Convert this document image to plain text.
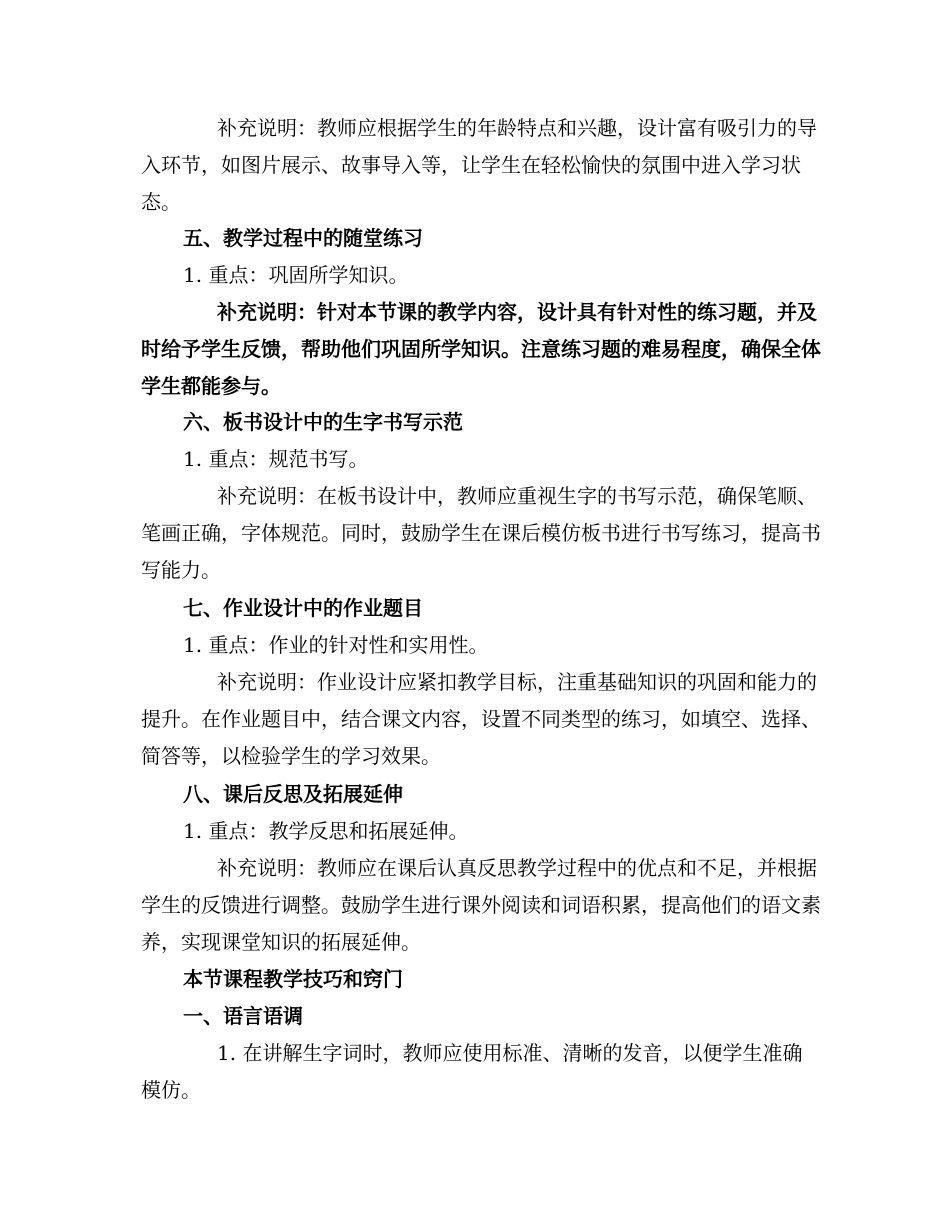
补充说明：教师应根据学生的年龄特点和兴趣，设计富有吸引力的导入环节，如图片展示、故事导入等，让学生在轻松愉快的氛围中进入学习状态。

五、教学过程中的随堂练习

1. 重点：巩固所学知识。

补充说明：针对本节课的教学内容，设计具有针对性的练习题，并及时给予学生反馈，帮助他们巩固所学知识。注意练习题的难易程度，确保全体学生都能参与。

六、板书设计中的生字书写示范

1. 重点：规范书写。

补充说明：在板书设计中，教师应重视生字的书写示范，确保笔顺、笔画正确，字体规范。同时，鼓励学生在课后模仿板书进行书写练习，提高书写能力。

七、作业设计中的作业题目

1. 重点：作业的针对性和实用性。

补充说明：作业设计应紧扣教学目标，注重基础知识的巩固和能力的提升。在作业题目中，结合课文内容，设置不同类型的练习，如填空、选择、简答等，以检验学生的学习效果。

八、课后反思及拓展延伸

1. 重点：教学反思和拓展延伸。

补充说明：教师应在课后认真反思教学过程中的优点和不足，并根据学生的反馈进行调整。鼓励学生进行课外阅读和词语积累，提高他们的语文素养，实现课堂知识的拓展延伸。

本节课程教学技巧和窍门

一、语言语调

1. 在讲解生字词时，教师应使用标准、清晰的发音，以便学生准确模仿。
